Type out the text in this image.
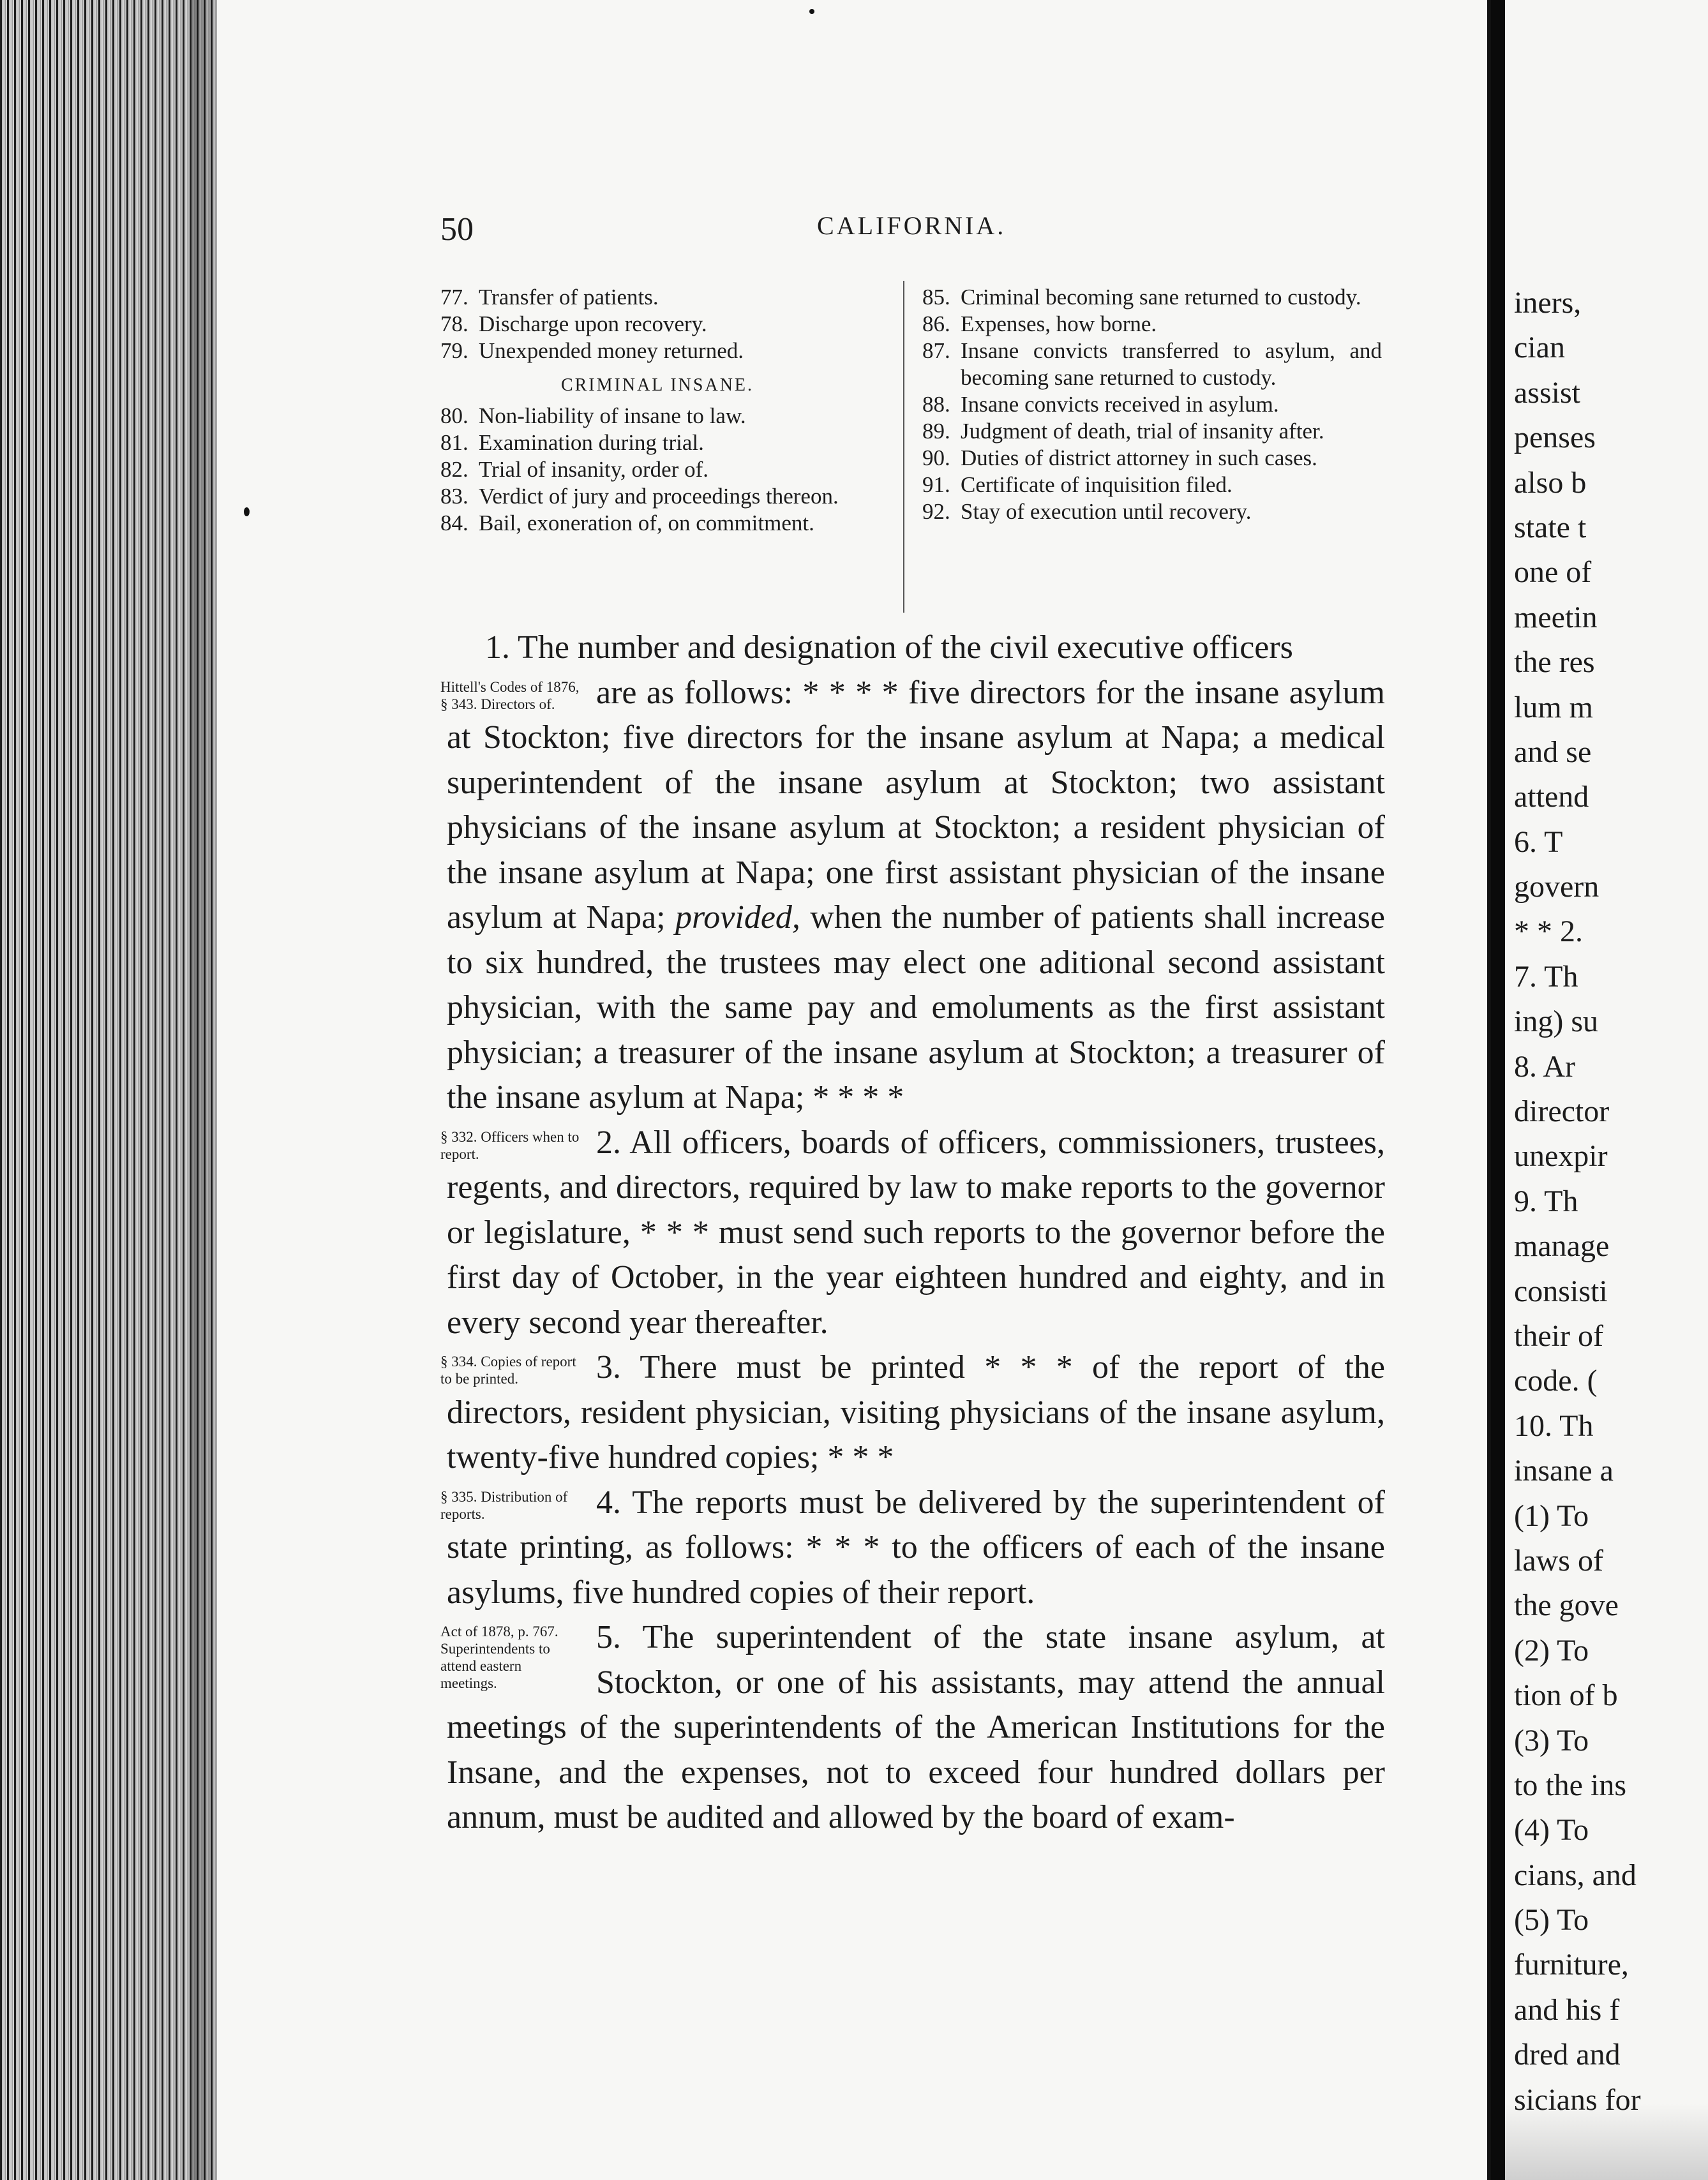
50	CALIFORNIA.
77. Transfer of patients.
78. Discharge upon recovery.
79. Unexpended money returned.
CRIMINAL INSANE.
80. Non-liability of insane to law.
81. Examination during trial.
82. Trial of insanity, order of.
83. Verdict of jury and proceedings thereon.
84. Bail, exoneration of, on commitment.
85. Criminal becoming sane returned to custody.
86. Expenses, how borne.
87. Insane convicts transferred to asylum, and becoming sane returned to custody.
88. Insane convicts received in asylum.
89. Judgment of death, trial of insanity after.
90. Duties of district attorney in such cases.
91. Certificate of inquisition filed.
92. Stay of execution until recovery.

1. The number and designation of the civil executive officers

Hittell's Codes of 1876, § 343. Directors of.	are as follows: * * * * five directors for the insane asylum at Stockton; five directors for the insane asylum at Napa; a medical superintendent of the insane asylum at Stockton; two assistant physicians of the insane asylum at Stockton; a resident physician of the insane asylum at Napa; one first assistant physician of the insane asylum at Napa; provided, when the number of patients shall increase to six hundred, the trustees may elect one aditional second assistant physician, with the same pay and emoluments as the first assistant physician; a treasurer of the insane asylum at Stockton; a treasurer of the insane asylum at Napa; * * * *

§ 332. Officers when to report.	2. All officers, boards of officers, commissioners, trustees, regents, and directors, required by law to make reports to the governor or legislature, * * * must send such reports to the governor before the first day of October, in the year eighteen hundred and eighty, and in every second year thereafter.

§ 334. Copies of report to be printed.	3. There must be printed * * * of the report of the directors, resident physician, visiting physicians of the insane asylum, twenty-five hundred copies; * * *

§ 335. Distribution of reports.	4. The reports must be delivered by the superintendent of state printing, as follows: * * * to the officers of each of the insane asylums, five hundred copies of their report.

Act of 1878, p. 767. Superintendents to attend eastern meetings.
5. The superintendent of the state insane asylum, at Stockton, or one of his assistants, may attend the annual meetings of the superintendents of the American Institutions for the Insane, and the expenses, not to exceed four hundred dollars per annum, must be audited and allowed by the board of exam-

iners,
cian
assist
penses
also b
state t
one of
meetin
the res
lum m
and se
attend
6. T
govern
* * 2.
7. Th
ing) su
8. Ar
director
unexpir
9. Th
manage
consisti
their of
code. (
10. Th
insane a
(1) To
laws of
the gove
(2) To
tion of b
(3) To
to the ins
(4) To
cians, and
(5) To
furniture,
and his f
dred and
sicians for
